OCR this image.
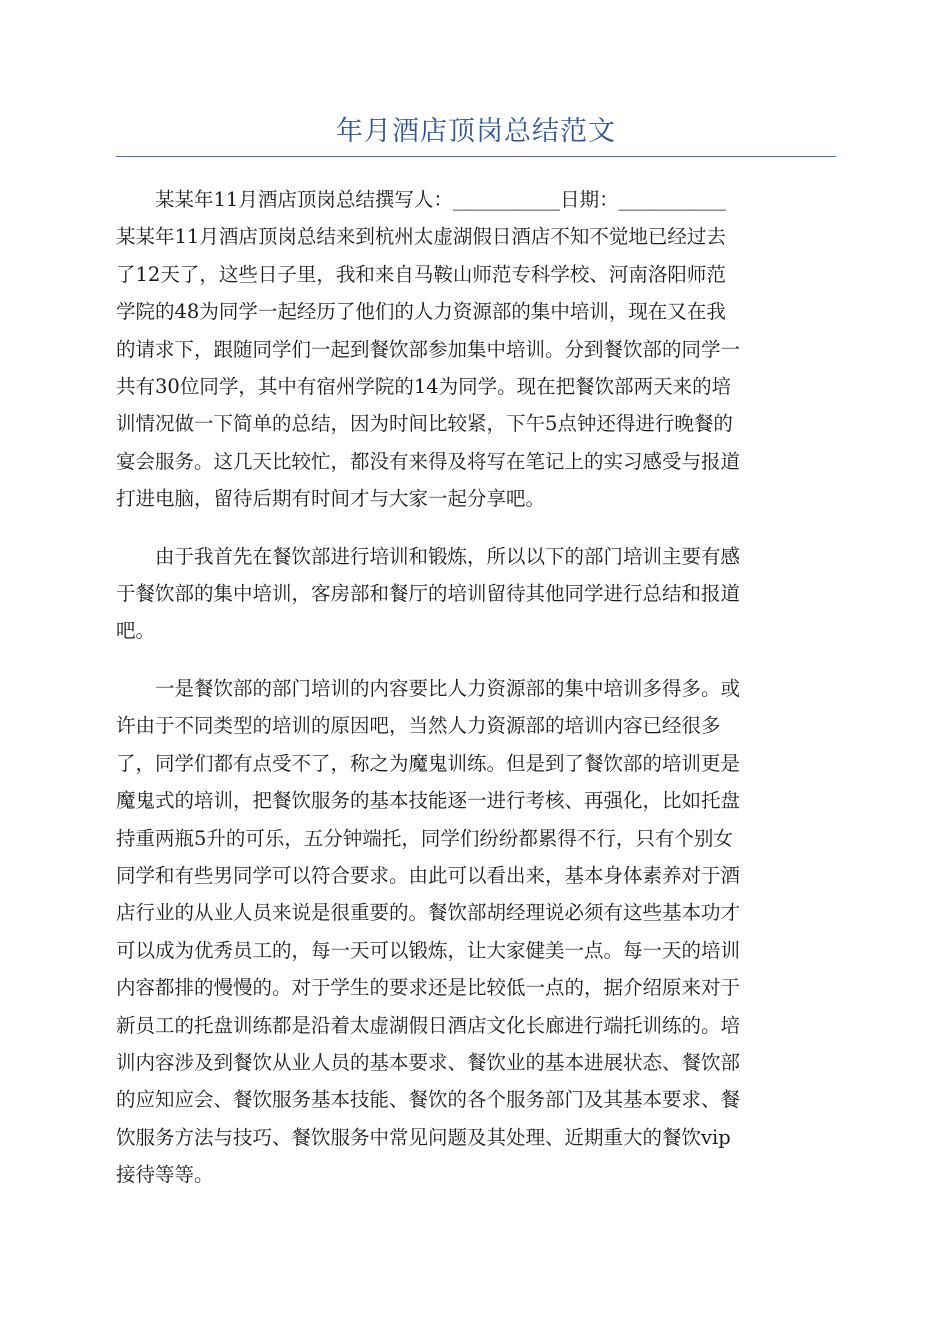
年月酒店顶岗总结范文

某某年11月酒店顶岗总结撰写人：___________日期：___________
某某年11月酒店顶岗总结来到杭州太虚湖假日酒店不知不觉地已经过去
了12天了，这些日子里，我和来自马鞍山师范专科学校、河南洛阳师范
学院的48为同学一起经历了他们的人力资源部的集中培训，现在又在我
的请求下，跟随同学们一起到餐饮部参加集中培训。分到餐饮部的同学一
共有30位同学，其中有宿州学院的14为同学。现在把餐饮部两天来的培
训情况做一下简单的总结，因为时间比较紧，下午5点钟还得进行晚餐的
宴会服务。这几天比较忙，都没有来得及将写在笔记上的实习感受与报道
打进电脑，留待后期有时间才与大家一起分享吧。

由于我首先在餐饮部进行培训和锻炼，所以以下的部门培训主要有感
于餐饮部的集中培训，客房部和餐厅的培训留待其他同学进行总结和报道
吧。

一是餐饮部的部门培训的内容要比人力资源部的集中培训多得多。或
许由于不同类型的培训的原因吧，当然人力资源部的培训内容已经很多
了，同学们都有点受不了，称之为魔鬼训练。但是到了餐饮部的培训更是
魔鬼式的培训，把餐饮服务的基本技能逐一进行考核、再强化，比如托盘
持重两瓶5升的可乐，五分钟端托，同学们纷纷都累得不行，只有个别女
同学和有些男同学可以符合要求。由此可以看出来，基本身体素养对于酒
店行业的从业人员来说是很重要的。餐饮部胡经理说必须有这些基本功才
可以成为优秀员工的，每一天可以锻炼，让大家健美一点。每一天的培训
内容都排的慢慢的。对于学生的要求还是比较低一点的，据介绍原来对于
新员工的托盘训练都是沿着太虚湖假日酒店文化长廊进行端托训练的。培
训内容涉及到餐饮从业人员的基本要求、餐饮业的基本进展状态、餐饮部
的应知应会、餐饮服务基本技能、餐饮的各个服务部门及其基本要求、餐
饮服务方法与技巧、餐饮服务中常见问题及其处理、近期重大的餐饮vip
接待等等。
